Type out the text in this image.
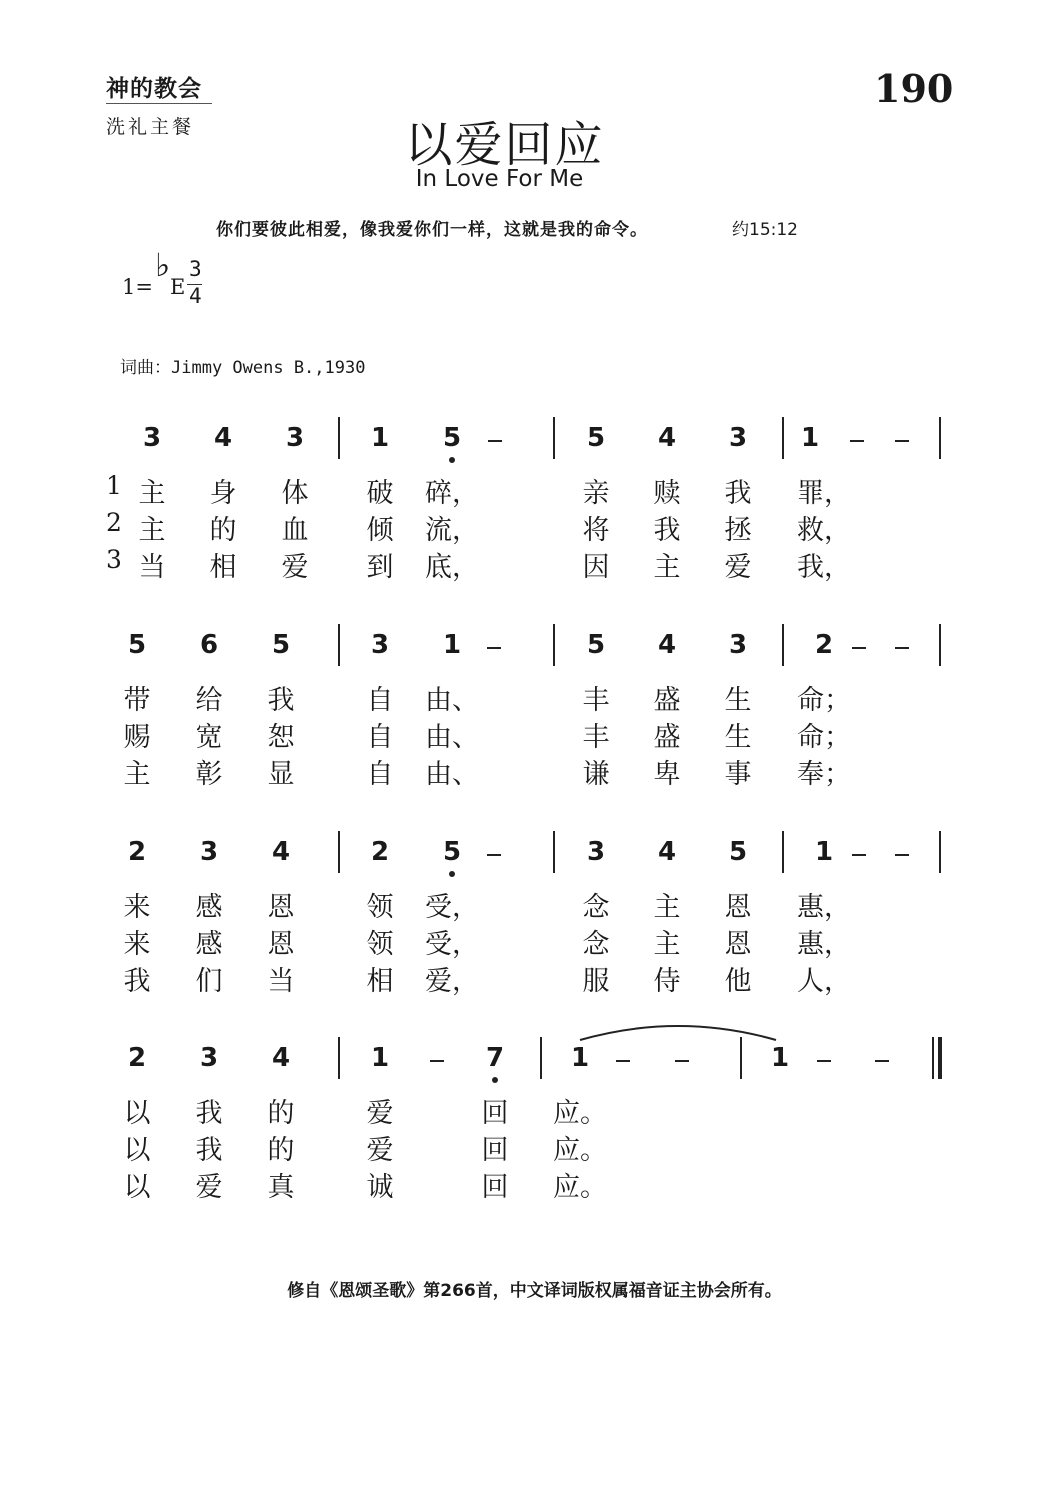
神的教会
洗礼主餐
190
以爱回应
In Love For Me
你们要彼此相爱，像我爱你们一样，这就是我的命令。	约15:12
1=
♭
E
3
4
词曲：Jimmy Owens B.,1930
3 4 3	1 5	5 4 3 1
1 主 身 体 破 碎，	亲 赎 我 罪，
2 主 的 血 倾 流，	将 我 拯 救，
3 当 相 爱 到 底，	因 主 爱 我，
5 6 5	3 1	5 4 3	2
带 给 我	自 由、	丰 盛 生 命；
赐 宽 恕	自 由、	丰 盛 生 命；
主 彰 显	自 由、	谦 卑 事 奉；
2 3 4	2 5	3 4 5	1
来 感 恩	领 受，	念 主 恩 惠，
来 感 恩	领 受，	念 主 恩 惠，
我 们 当	相 爱，	服 侍 他 人，
2 3 4	1	7	1	1
以 我 的	爱	回 应。
以 我 的	爱	回 应。
以 爱 真	诚	回 应。
修自《恩颂圣歌》第266首，中文译词版权属福音证主协会所有。
